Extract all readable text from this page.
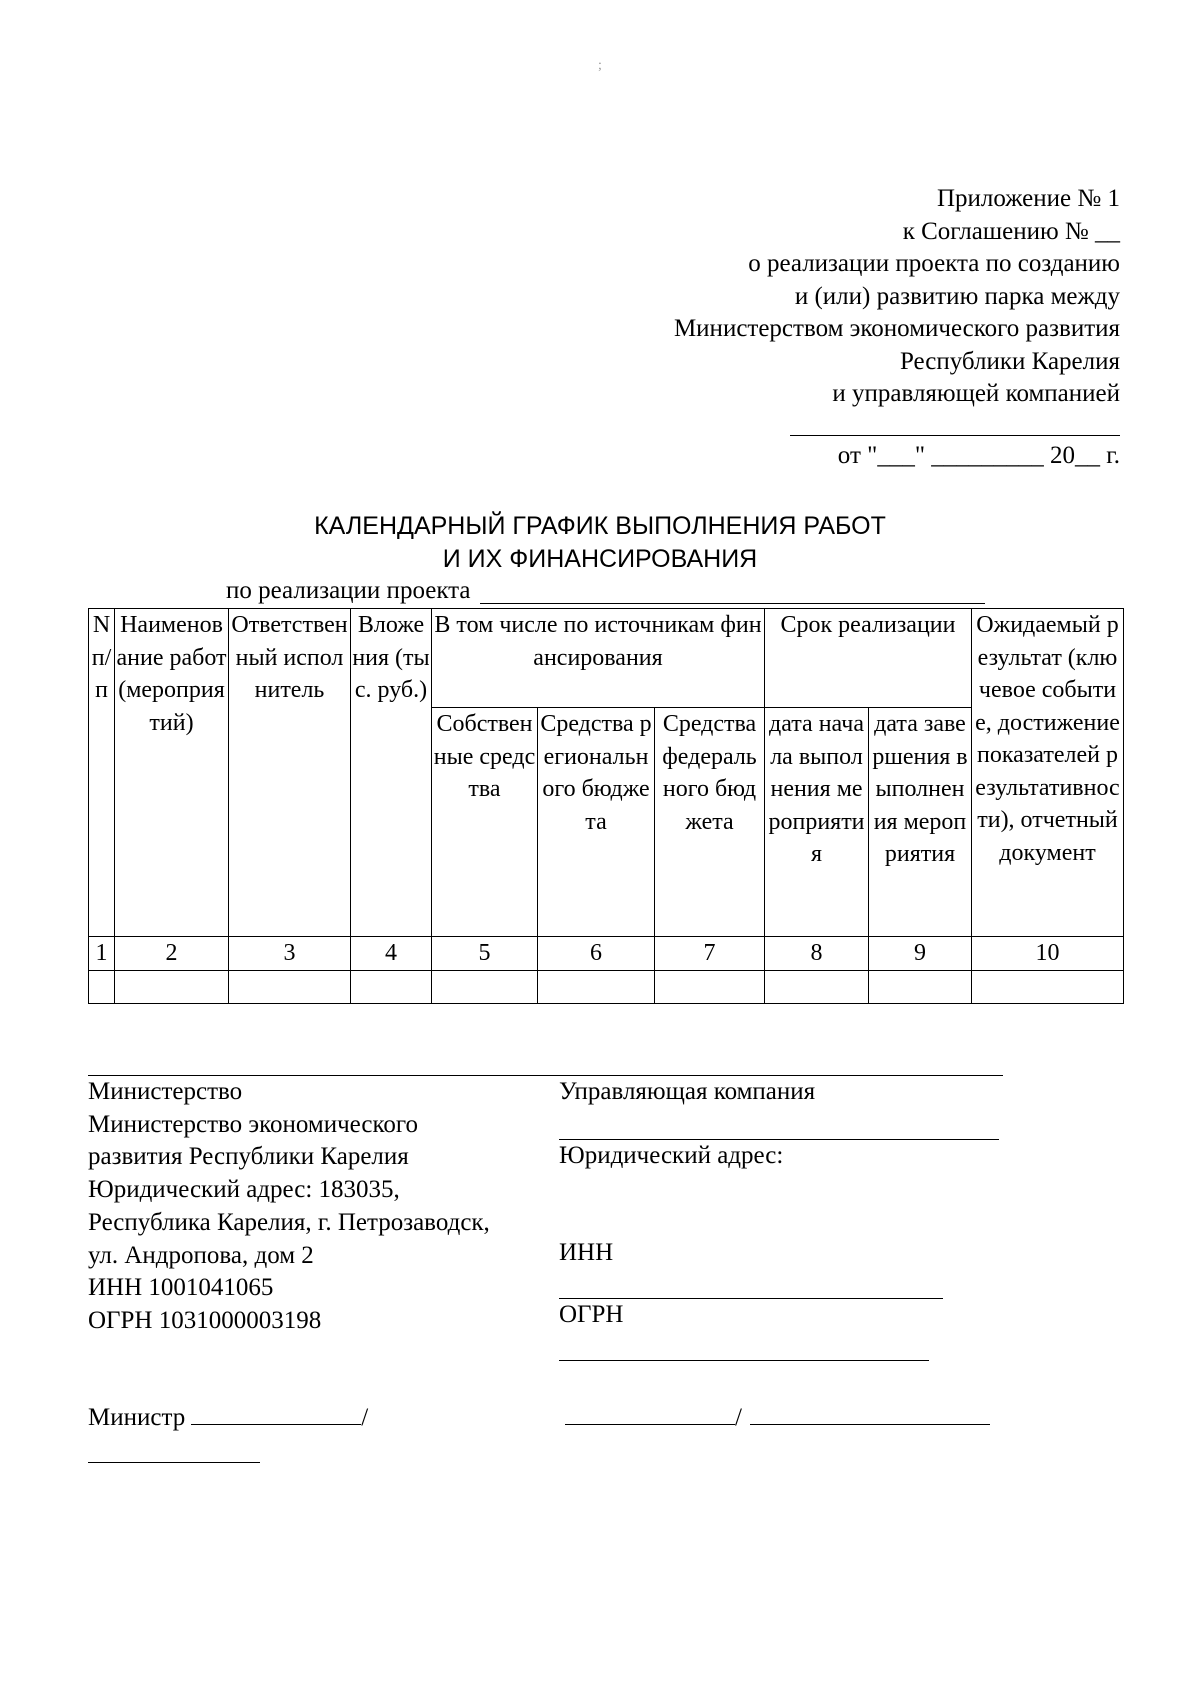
;
Приложение № 1
к Соглашению № __
о реализации проекта по созданию
и (или) развитию парка между
Министерством экономического развития
Республики Карелия
и управляющей компанией
от "___" _________ 20__ г.
КАЛЕНДАРНЫЙ ГРАФИК ВЫПОЛНЕНИЯ РАБОТ
И ИХ ФИНАНСИРОВАНИЯ
по реализации проекта
N п/п	Наименование работ (мероприятий)	Ответственный исполнитель	Вложения (тыс. руб.)	В том числе по источникам финансирования			Срок реализации		Ожидаемый результат (ключевое событие, достижение показателей результативности), отчетный документ
				Собственные средства	Средства регионального бюджета	Средства федерального бюджета	дата начала выполнения мероприятия	дата завершения выполнения мероприятия	
1	2	3	4	5	6	7	8	9	10

Министерство
Министерство экономического
развития Республики Карелия
Юридический адрес: 183035,
Республика Карелия, г. Петрозаводск,
ул. Андропова, дом 2
ИНН 1001041065
ОГРН 1031000003198
Управляющая компания
Юридический адрес:
ИНН
ОГРН
Министр	/	/
